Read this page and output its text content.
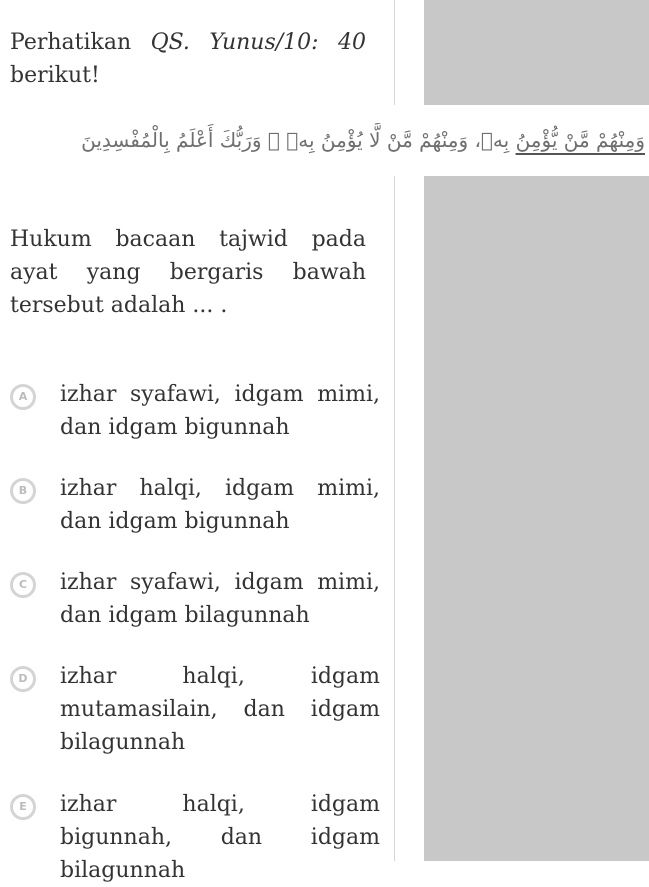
Perhatikan QS. Yunus/10: 40 berikut!
وَمِنْهُمْ مَّنْ يُّؤْمِنُ بِهٖ، وَمِنْهُمْ مَّنْ لَّا يُؤْمِنُ بِهٖ ۗ وَرَبُّكَ أَعْلَمُ بِالْمُفْسِدِينَ
Hukum bacaan tajwid pada ayat yang bergaris bawah tersebut adalah ... .
A	izhar syafawi, idgam mimi, dan idgam bigunnah
B	izhar halqi, idgam mimi, dan idgam bigunnah
C	izhar syafawi, idgam mimi, dan idgam bilagunnah
D	izhar halqi, idgam mutamasilain, dan idgam bilagunnah
E	izhar halqi, idgam bigunnah, dan idgam bilagunnah
